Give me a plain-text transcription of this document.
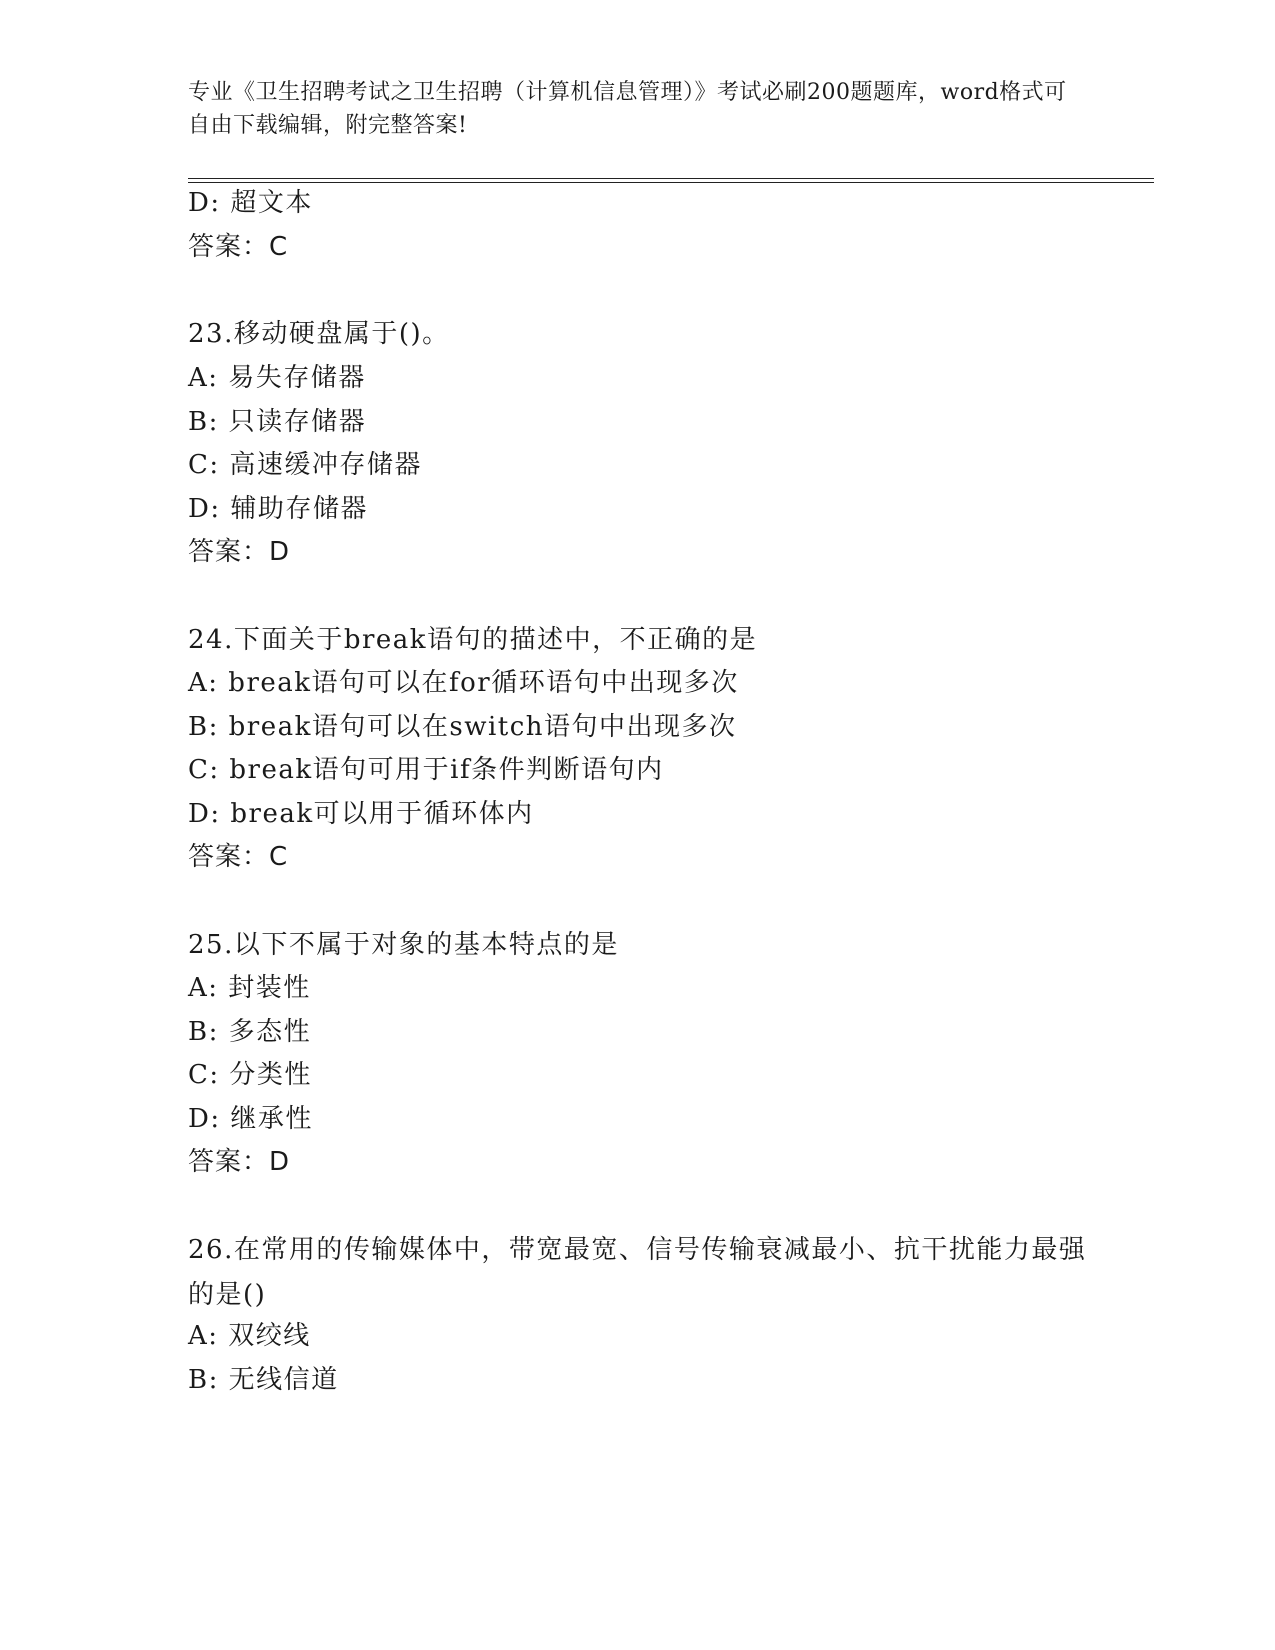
专业《卫生招聘考试之卫生招聘（计算机信息管理）》考试必刷200题题库，word格式可自由下载编辑，附完整答案!
D: 超文本
答案：C
23.移动硬盘属于()。
A: 易失存储器
B: 只读存储器
C: 高速缓冲存储器
D: 辅助存储器
答案：D
24.下面关于break语句的描述中，不正确的是
A: break语句可以在for循环语句中出现多次
B: break语句可以在switch语句中出现多次
C: break语句可用于if条件判断语句内
D: break可以用于循环体内
答案：C
25.以下不属于对象的基本特点的是
A: 封装性
B: 多态性
C: 分类性
D: 继承性
答案：D
26.在常用的传输媒体中，带宽最宽、信号传输衰减最小、抗干扰能力最强的是()
A: 双绞线
B: 无线信道
